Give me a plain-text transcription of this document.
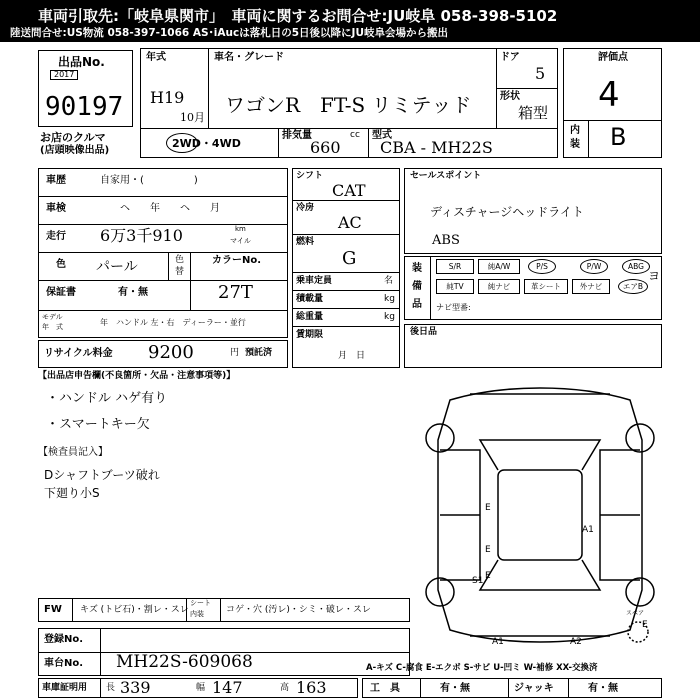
車両引取先:「岐阜県関市」　車両に関するお問合せ:JU岐阜 058-398-5102
陸送問合せ:US物流 058-397-1066 AS･iAucは落札日の5日後以降にJU岐阜会場から搬出
出品No.
2017
90197
お店のクルマ
(店頭映像出品)
年式
H19
10月
車名・グレード
ワゴンR　FT-S リミテッド
ドア
5
形状
箱型
2WD・4WD
排気量	cc
660
型式
CBA - MH22S
評価点
4
内
装 B
車歴	自家用・(　　　　　)
車検	ヘ　　年　　ヘ　　月
走行 6万3千910	km
マイル
色 パール	色
替
カラーNo.
27T
保証書	有・無
モデル
年　式	年　ハンドル 左・右　ディーラー・並行
リサイクル料金 9200	円 預託済
シフト
CAT
冷房
AC
燃料
G
乗車定員	名
積載量	kg
総重量	kg
賃期限
月　日
セールスポイント
ディスチャージヘッドライト
ABS
装
備
品
S/R	純A/W	P/S	P/W	ABG
純TV	純ナビ	革シート	外ナビ	エアB
ヨ
ナビ型番:
後日品
【出品店申告欄(不良箇所・欠品・注意事項等)】
・ハンドル ハゲ有り
・スマートキー欠
【検査員記入】
Dシャフトブーツ破れ
下廻り小S
スペア
E
E
E
A1
S1
A1	A2
E
FW キズ (トビ石)・割レ・スレ
シート
内装 コゲ・穴 (汚レ)・シミ・破レ・スレ
登録No.
車台No. MH22S-609068	A-キズ C-腐食 E-エクボ S-サビ U-凹ミ W-補修 XX-交換済
車庫証明用 長 339	幅 147	高 163	工　具	有・無	ジャッキ	有・無
